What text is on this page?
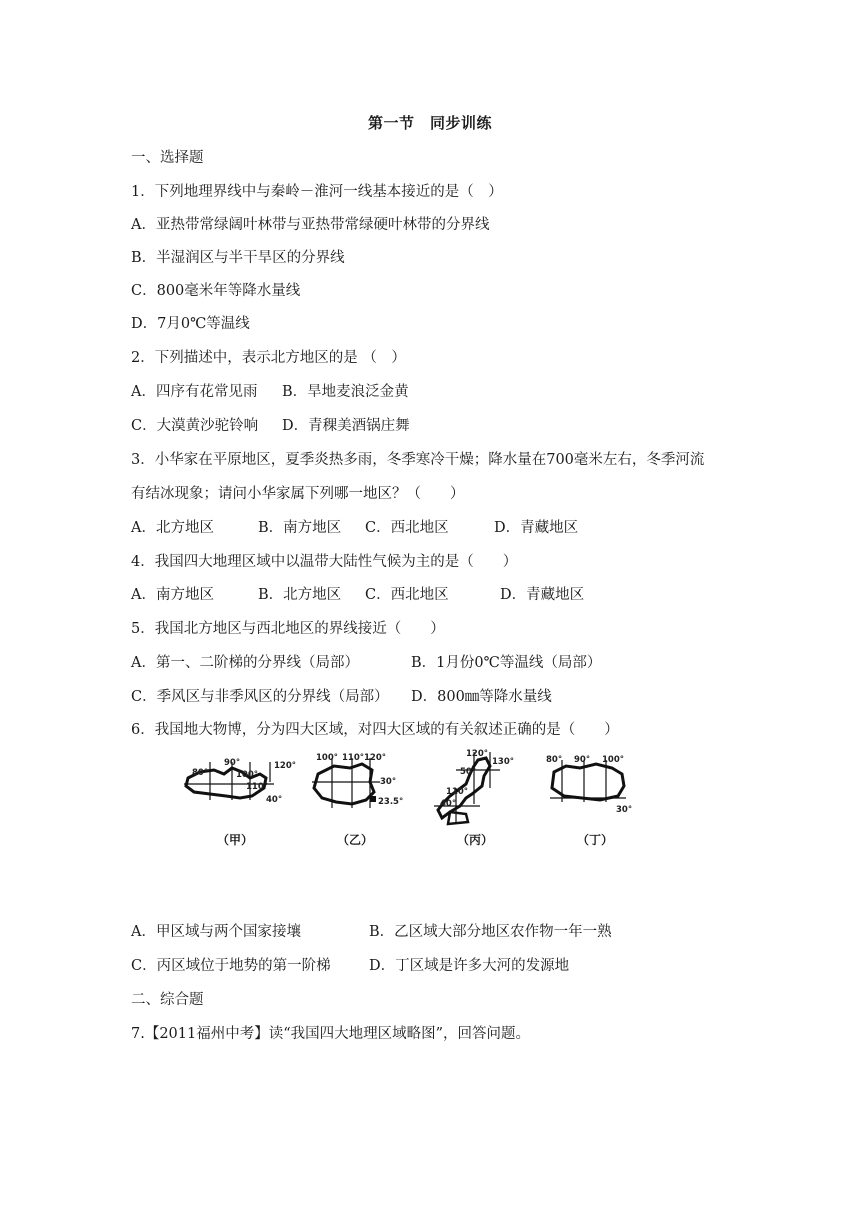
第一节　同步训练
一、选择题
1．下列地理界线中与秦岭－淮河一线基本接近的是（　）
A．亚热带常绿阔叶林带与亚热带常绿硬叶林带的分界线
B．半湿润区与半干旱区的分界线
C．800毫米年等降水量线
D．7月0℃等温线
2．下列描述中，表示北方地区的是 （　）
A．四序有花常见雨 B．旱地麦浪泛金黄
C．大漠黄沙驼铃响 D．青稞美酒锅庄舞
3．小华家在平原地区，夏季炎热多雨，冬季寒冷干燥；降水量在700毫米左右，冬季河流
有结冰现象；请问小华家属下列哪一地区？（　　）
A．北方地区	B．南方地区 C．西北地区	D．青藏地区
4．我国四大地理区域中以温带大陆性气候为主的是（　　）
A．南方地区	B．北方地区 C．西北地区	D．青藏地区
5．我国北方地区与西北地区的界线接近（　　）
A．第一、二阶梯的分界线（局部）	B．1月份0℃等温线（局部）
C．季风区与非季风区的分界线（局部） D．800㎜等降水量线
6．我国地大物博，分为四大区域，对四大区域的有关叙述正确的是（　　）
90°
80°	100°
110°
120°
40°
（甲）
100° 110° 120°
30°
23.5°
（乙）
120°
50°
130°
110°
40°
（丙）
80° 90° 100°
30°
（丁）
A．甲区域与两个国家接壤	B．乙区域大部分地区农作物一年一熟
C．丙区域位于地势的第一阶梯	D．丁区域是许多大河的发源地
二、综合题
7.【2011福州中考】读“我国四大地理区域略图”，回答问题。
